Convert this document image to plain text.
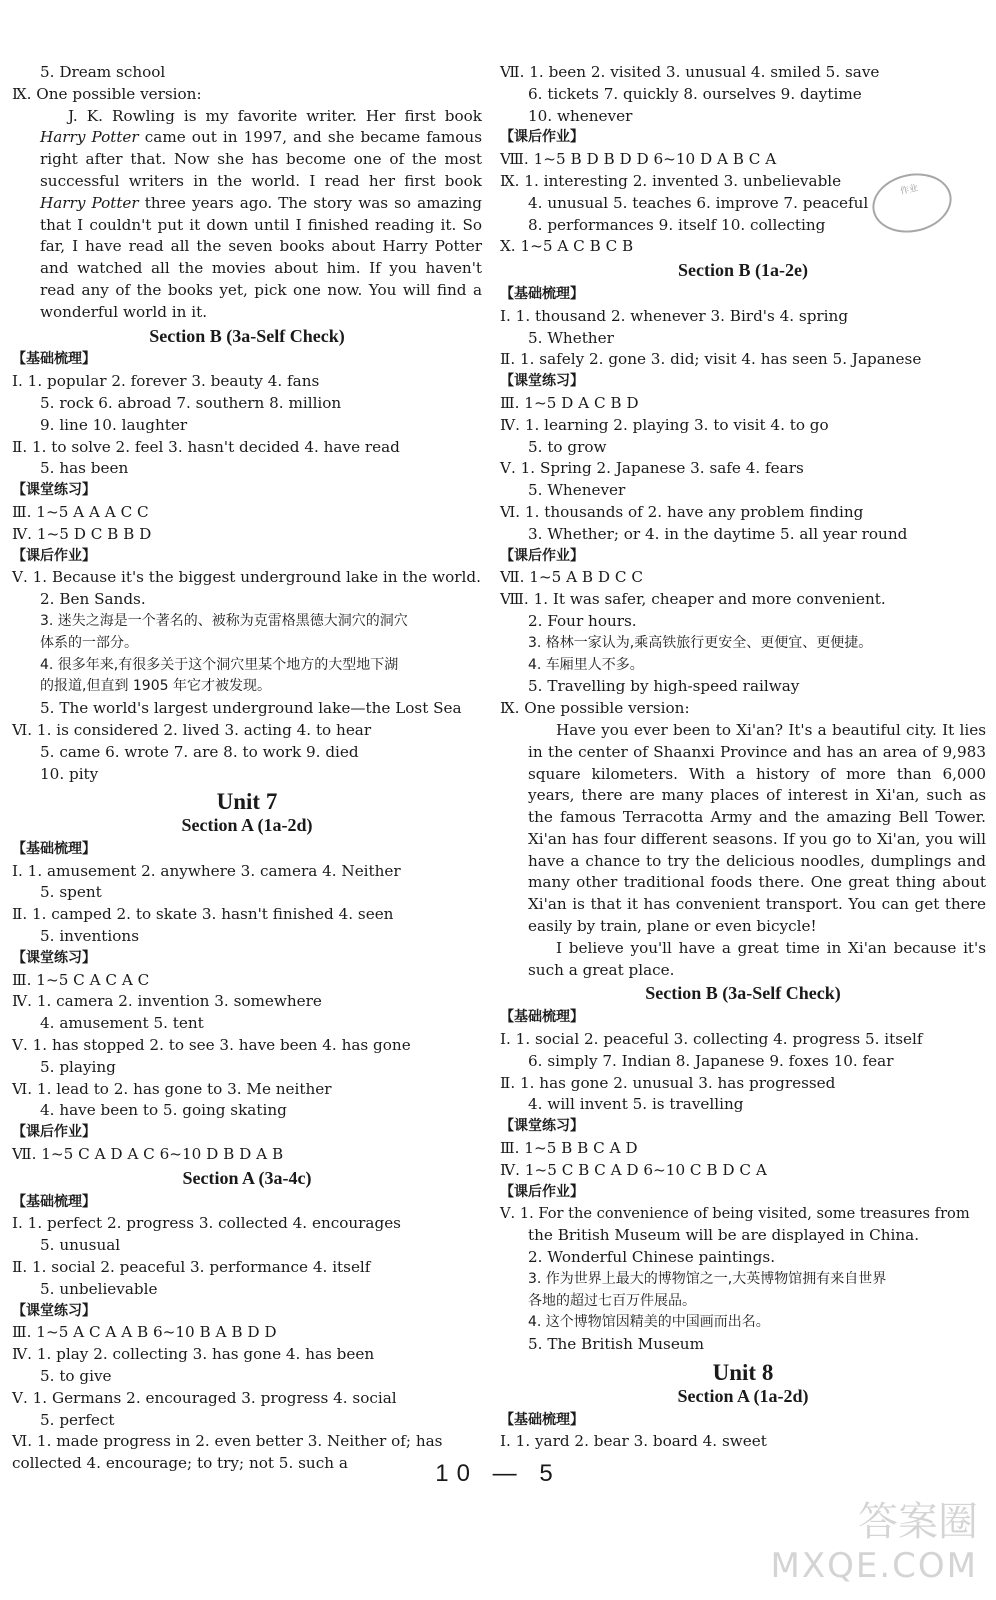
5. Dream school
Ⅸ. One possible version:
J. K. Rowling is my favorite writer. Her first book Harry Potter came out in 1997, and she became famous right after that. Now she has become one of the most successful writers in the world. I read her first book Harry Potter three years ago. The story was so amazing that I couldn't put it down until I finished reading it. So far, I have read all the seven books about Harry Potter and watched all the movies about him. If you haven't read any of the books yet, pick one now. You will find a wonderful world in it.
Section B (3a-Self Check)
【基础梳理】
Ⅰ. 1. popular 2. forever 3. beauty 4. fans
5. rock 6. abroad 7. southern 8. million
9. line 10. laughter
Ⅱ. 1. to solve 2. feel 3. hasn't decided 4. have read
5. has been
【课堂练习】
Ⅲ. 1~5 A A A C C
Ⅳ. 1~5 D C B B D
【课后作业】
Ⅴ. 1. Because it's the biggest underground lake in the world.
2. Ben Sands.
3. 迷失之海是一个著名的、被称为克雷格黑德大洞穴的洞穴
体系的一部分。
4. 很多年来,有很多关于这个洞穴里某个地方的大型地下湖
的报道,但直到 1905 年它才被发现。
5. The world's largest underground lake—the Lost Sea
Ⅵ. 1. is considered 2. lived 3. acting 4. to hear
5. came 6. wrote 7. are 8. to work 9. died
10. pity
Unit 7
Section A (1a-2d)
【基础梳理】
Ⅰ. 1. amusement 2. anywhere 3. camera 4. Neither
5. spent
Ⅱ. 1. camped 2. to skate 3. hasn't finished 4. seen
5. inventions
【课堂练习】
Ⅲ. 1~5 C A C A C
Ⅳ. 1. camera 2. invention 3. somewhere
4. amusement 5. tent
Ⅴ. 1. has stopped 2. to see 3. have been 4. has gone
5. playing
Ⅵ. 1. lead to 2. has gone to 3. Me neither
4. have been to 5. going skating
【课后作业】
Ⅶ. 1~5 C A D A C 6~10 D B D A B
Section A (3a-4c)
【基础梳理】
Ⅰ. 1. perfect 2. progress 3. collected 4. encourages
5. unusual
Ⅱ. 1. social 2. peaceful 3. performance 4. itself
5. unbelievable
【课堂练习】
Ⅲ. 1~5 A C A A B 6~10 B A B D D
Ⅳ. 1. play 2. collecting 3. has gone 4. has been
5. to give
Ⅴ. 1. Germans 2. encouraged 3. progress 4. social
5. perfect
Ⅵ. 1. made progress in 2. even better 3. Neither of; has
collected 4. encourage; to try; not 5. such a
Ⅶ. 1. been 2. visited 3. unusual 4. smiled 5. save
6. tickets 7. quickly 8. ourselves 9. daytime
10. whenever
【课后作业】
Ⅷ. 1~5 B D B D D 6~10 D A B C A
Ⅸ. 1. interesting 2. invented 3. unbelievable
4. unusual 5. teaches 6. improve 7. peaceful
8. performances 9. itself 10. collecting
Ⅹ. 1~5 A C B C B
Section B (1a-2e)
【基础梳理】
Ⅰ. 1. thousand 2. whenever 3. Bird's 4. spring
5. Whether
Ⅱ. 1. safely 2. gone 3. did; visit 4. has seen 5. Japanese
【课堂练习】
Ⅲ. 1~5 D A C B D
Ⅳ. 1. learning 2. playing 3. to visit 4. to go
5. to grow
Ⅴ. 1. Spring 2. Japanese 3. safe 4. fears
5. Whenever
Ⅵ. 1. thousands of 2. have any problem finding
3. Whether; or 4. in the daytime 5. all year round
【课后作业】
Ⅶ. 1~5 A B D C C
Ⅷ. 1. It was safer, cheaper and more convenient.
2. Four hours.
3. 格林一家认为,乘高铁旅行更安全、更便宜、更便捷。
4. 车厢里人不多。
5. Travelling by high-speed railway
Ⅸ. One possible version:
Have you ever been to Xi'an? It's a beautiful city. It lies in the center of Shaanxi Province and has an area of 9,983 square kilometers. With a history of more than 6,000 years, there are many places of interest in Xi'an, such as the famous Terracotta Army and the amazing Bell Tower. Xi'an has four different seasons. If you go to Xi'an, you will have a chance to try the delicious noodles, dumplings and many other traditional foods there. One great thing about Xi'an is that it has convenient transport. You can get there easily by train, plane or even bicycle!
I believe you'll have a great time in Xi'an because it's such a great place.
Section B (3a-Self Check)
【基础梳理】
Ⅰ. 1. social 2. peaceful 3. collecting 4. progress 5. itself
6. simply 7. Indian 8. Japanese 9. foxes 10. fear
Ⅱ. 1. has gone 2. unusual 3. has progressed
4. will invent 5. is travelling
【课堂练习】
Ⅲ. 1~5 B B C A D
Ⅳ. 1~5 C B C A D 6~10 C B D C A
【课后作业】
Ⅴ. 1. For the convenience of being visited, some treasures from
the British Museum will be are displayed in China.
2. Wonderful Chinese paintings.
3. 作为世界上最大的博物馆之一,大英博物馆拥有来自世界
各地的超过七百万件展品。
4. 这个博物馆因精美的中国画而出名。
5. The British Museum
Unit 8
Section A (1a-2d)
【基础梳理】
Ⅰ. 1. yard 2. bear 3. board 4. sweet
作业
10 — 5
答案圈
MXQE.COM
